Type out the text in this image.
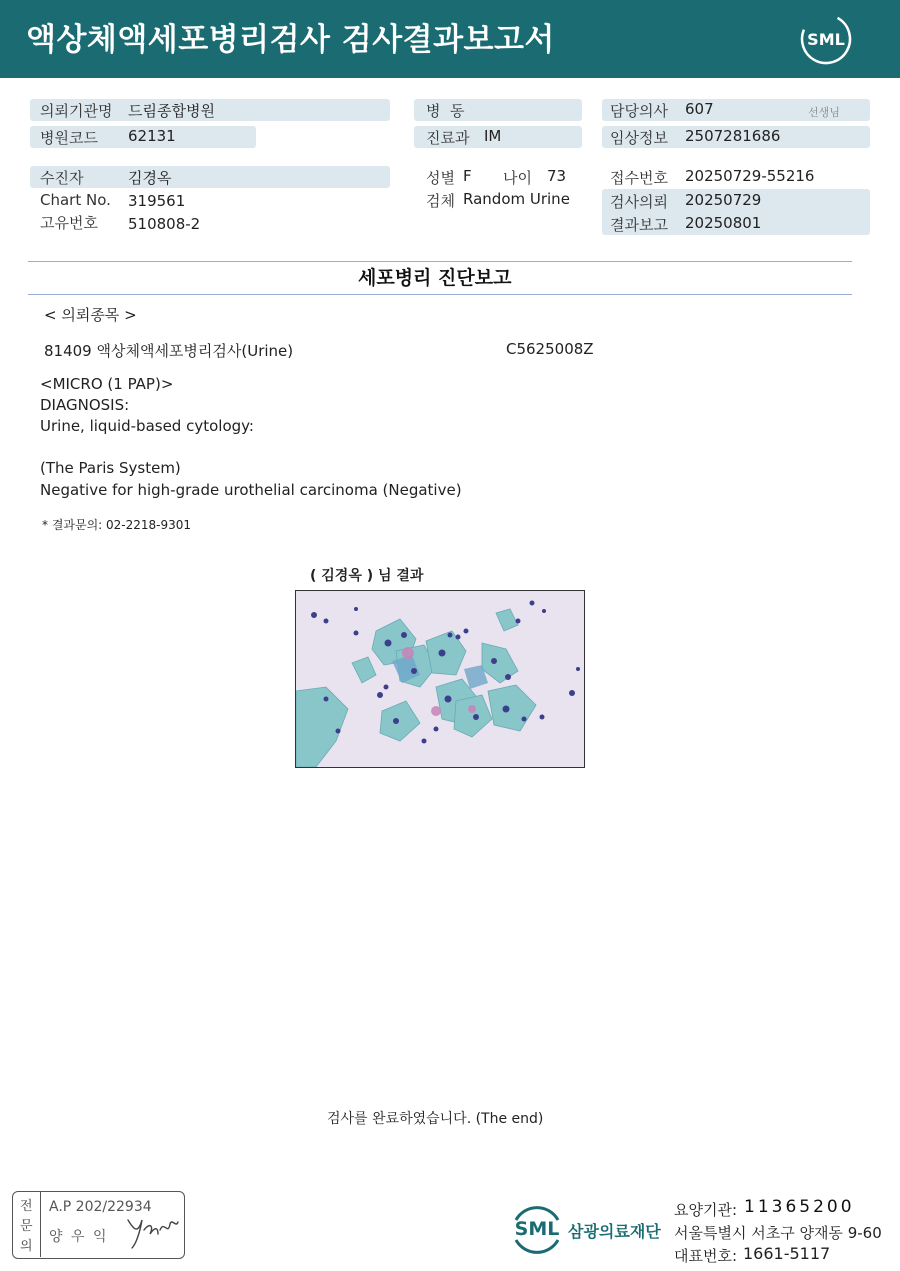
액상체액세포병리검사 검사결과보고서	SML
의뢰기관명 드림종합병원
병원코드 62131
수진자	김경옥
Chart No. 319561
고유번호 510808-2
병  동
진료과 IM
성별 F 나이 73
검체 Random Urine
담당의사 607	선생님
임상정보 2507281686
접수번호 20250729-55216
검사의뢰 20250729
결과보고 20250801
세포병리 진단보고
< 의뢰종목 >
81409 액상체액세포병리검사(Urine)	C5625008Z
<MICRO (1 PAP)>
DIAGNOSIS:
Urine, liquid-based cytology:
(The Paris System)
Negative for high-grade urothelial carcinoma (Negative)
* 결과문의: 02-2218-9301
( 김경옥 ) 님 결과
검사를 완료하였습니다. (The end)
전
문
의
A.P 202/22934
양 우 익	SML 삼광의료재단
요양기관: 11365200
서울특별시 서초구 양재동 9-60
대표번호: 1661-5117
